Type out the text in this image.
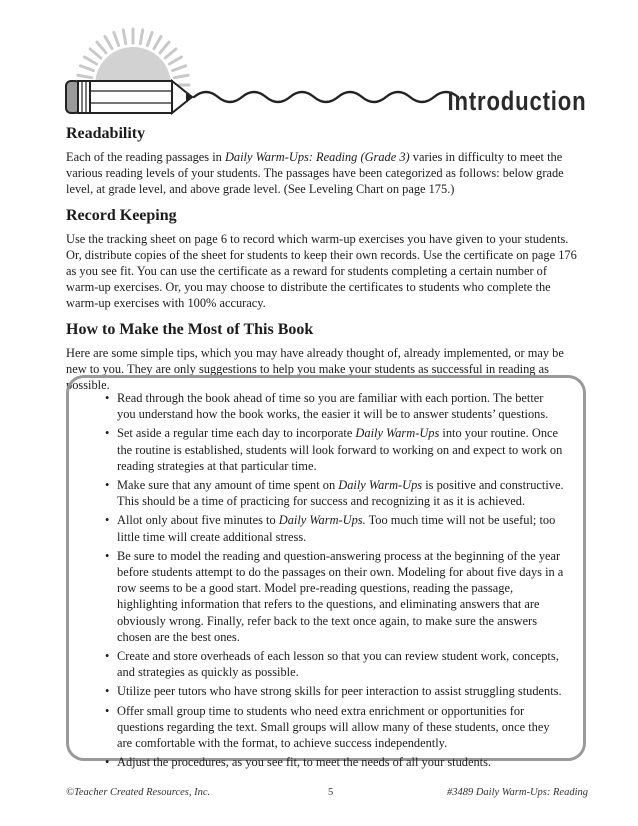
Introduction
Readability

Each of the reading passages in Daily Warm-Ups: Reading (Grade 3) varies in difficulty to meet the various reading levels of your students. The passages have been categorized as follows: below grade level, at grade level, and above grade level. (See Leveling Chart on page 175.)

Record Keeping

Use the tracking sheet on page 6 to record which warm-up exercises you have given to your students. Or, distribute copies of the sheet for students to keep their own records. Use the certificate on page 176 as you see fit. You can use the certificate as a reward for students completing a certain number of warm-up exercises. Or, you may choose to distribute the certificates to students who complete the warm-up exercises with 100% accuracy.

How to Make the Most of This Book

Here are some simple tips, which you may have already thought of, already implemented, or may be new to you. They are only suggestions to help you make your students as successful in reading as possible.

• Read through the book ahead of time so you are familiar with each portion. The better you understand how the book works, the easier it will be to answer students’ questions.
• Set aside a regular time each day to incorporate Daily Warm-Ups into your routine. Once the routine is established, students will look forward to working on and expect to work on reading strategies at that particular time.
• Make sure that any amount of time spent on Daily Warm-Ups is positive and constructive. This should be a time of practicing for success and recognizing it as it is achieved.
• Allot only about five minutes to Daily Warm-Ups. Too much time will not be useful; too little time will create additional stress.
• Be sure to model the reading and question-answering process at the beginning of the year before students attempt to do the passages on their own. Modeling for about five days in a row seems to be a good start. Model pre-reading questions, reading the passage, highlighting information that refers to the questions, and eliminating answers that are obviously wrong. Finally, refer back to the text once again, to make sure the answers chosen are the best ones.
• Create and store overheads of each lesson so that you can review student work, concepts, and strategies as quickly as possible.
• Utilize peer tutors who have strong skills for peer interaction to assist struggling students.
• Offer small group time to students who need extra enrichment or opportunities for questions regarding the text. Small groups will allow many of these students, once they are comfortable with the format, to achieve success independently.
• Adjust the procedures, as you see fit, to meet the needs of all your students.
©Teacher Created Resources, Inc.	5	#3489 Daily Warm-Ups: Reading
